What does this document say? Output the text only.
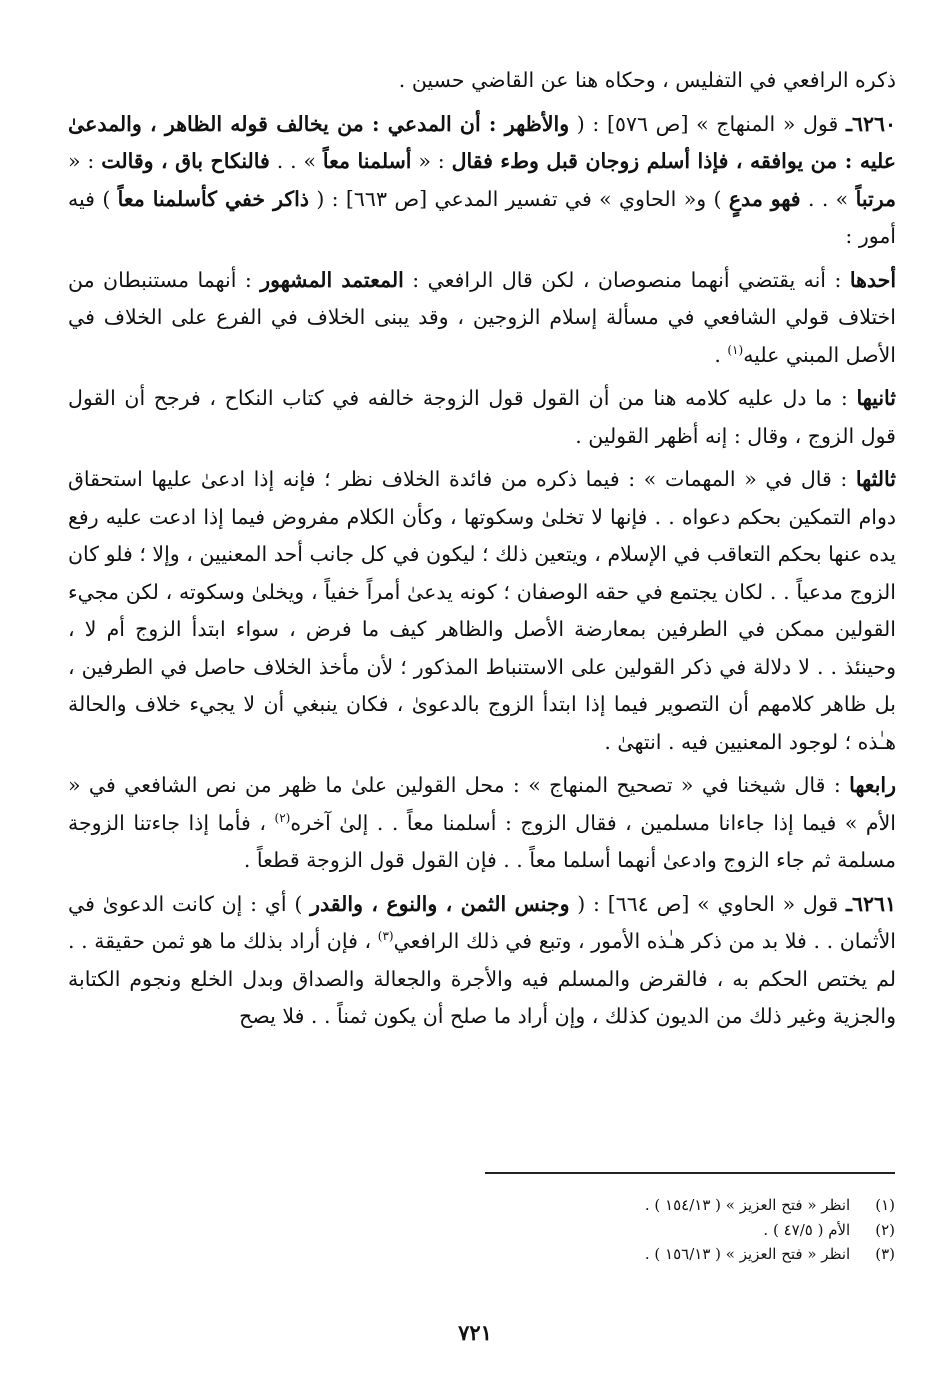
ذكره الرافعي في التفليس ، وحكاه هنا عن القاضي حسين .

٦٢٦٠ـ قول « المنهاج » [ص ٥٧٦] : ( والأظهر : أن المدعي : من يخالف قوله الظاهر ، والمدعىٰ عليه : من يوافقه ، فإذا أسلم زوجان قبل وطء فقال : « أسلمنا معاً » . . فالنكاح باق ، وقالت : « مرتباً » . . فهو مدعٍ ) و« الحاوي » في تفسير المدعي [ص ٦٦٣] : ( ذاكر خفي كأسلمنا معاً ) فيه أمور :

أحدها : أنه يقتضي أنهما منصوصان ، لكن قال الرافعي : المعتمد المشهور : أنهما مستنبطان من اختلاف قولي الشافعي في مسألة إسلام الزوجين ، وقد يبنى الخلاف في الفرع على الخلاف في الأصل المبني عليه$^{(١)}$ .

ثانيها : ما دل عليه كلامه هنا من أن القول قول الزوجة خالفه في كتاب النكاح ، فرجح أن القول قول الزوج ، وقال : إنه أظهر القولين .

ثالثها : قال في « المهمات » : فيما ذكره من فائدة الخلاف نظر ؛ فإنه إذا ادعىٰ عليها استحقاق دوام التمكين بحكم دعواه . . فإنها لا تخلىٰ وسكوتها ، وكأن الكلام مفروض فيما إذا ادعت عليه رفع يده عنها بحكم التعاقب في الإسلام ، ويتعين ذلك ؛ ليكون في كل جانب أحد المعنيين ، وإلا ؛ فلو كان الزوج مدعياً . . لكان يجتمع في حقه الوصفان ؛ كونه يدعىٰ أمراً خفياً ، ويخلىٰ وسكوته ، لكن مجيء القولين ممكن في الطرفين بمعارضة الأصل والظاهر كيف ما فرض ، سواء ابتدأ الزوج أم لا ، وحينئذ . . لا دلالة في ذكر القولين على الاستنباط المذكور ؛ لأن مأخذ الخلاف حاصل في الطرفين ، بل ظاهر كلامهم أن التصوير فيما إذا ابتدأ الزوج بالدعوىٰ ، فكان ينبغي أن لا يجيء خلاف والحالة هـٰذه ؛ لوجود المعنيين فيه . انتهىٰ .

رابعها : قال شيخنا في « تصحيح المنهاج » : محل القولين علىٰ ما ظهر من نص الشافعي في « الأم » فيما إذا جاءانا مسلمين ، فقال الزوج : أسلمنا معاً . . إلىٰ آخره$^{(٢)}$ ، فأما إذا جاءتنا الزوجة مسلمة ثم جاء الزوج وادعىٰ أنهما أسلما معاً . . فإن القول قول الزوجة قطعاً .

٦٢٦١ـ قول « الحاوي » [ص ٦٦٤] : ( وجنس الثمن ، والنوع ، والقدر ) أي : إن كانت الدعوىٰ في الأثمان . . فلا بد من ذكر هـٰذه الأمور ، وتبع في ذلك الرافعي$^{(٣)}$ ، فإن أراد بذلك ما هو ثمن حقيقة . . لم يختص الحكم به ، فالقرض والمسلم فيه والأجرة والجعالة والصداق وبدل الخلع ونجوم الكتابة والجزية وغير ذلك من الديون كذلك ، وإن أراد ما صلح أن يكون ثمناً . . فلا يصح

(١) انظر « فتح العزيز » ( ١٥٤/١٣ ) .

(٢) الأم ( ٤٧/٥ ) .

(٣) انظر « فتح العزيز » ( ١٥٦/١٣ ) .

٧٢١
